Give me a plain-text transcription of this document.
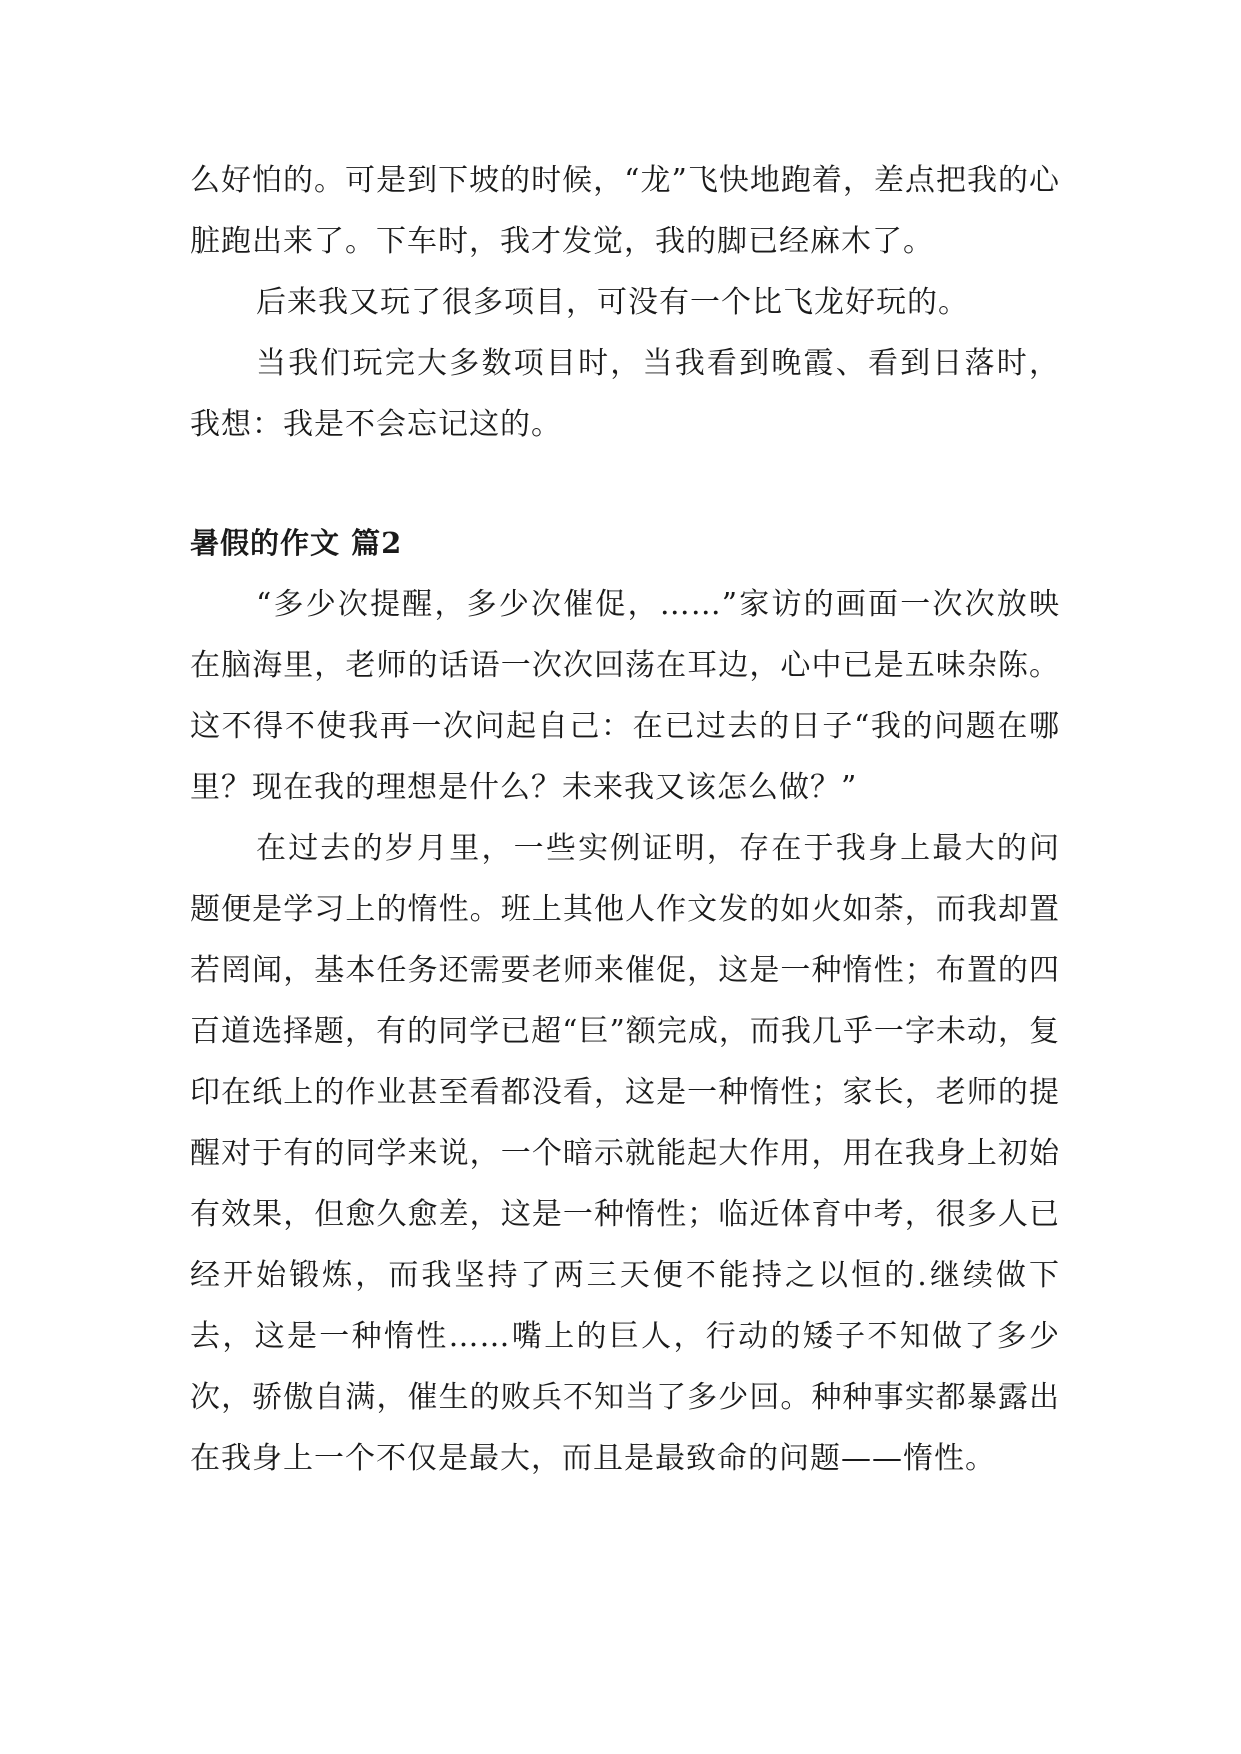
么好怕的。可是到下坡的时候，“龙”飞快地跑着，差点把我的心脏跑出来了。下车时，我才发觉，我的脚已经麻木了。

后来我又玩了很多项目，可没有一个比飞龙好玩的。

当我们玩完大多数项目时，当我看到晚霞、看到日落时，我想：我是不会忘记这的。

暑假的作文 篇2

“多少次提醒，多少次催促，……”家访的画面一次次放映在脑海里，老师的话语一次次回荡在耳边，心中已是五味杂陈。这不得不使我再一次问起自己：在已过去的日子“我的问题在哪里？现在我的理想是什么？未来我又该怎么做？”

在过去的岁月里，一些实例证明，存在于我身上最大的问题便是学习上的惰性。班上其他人作文发的如火如荼，而我却置若罔闻，基本任务还需要老师来催促，这是一种惰性；布置的四百道选择题，有的同学已超“巨”额完成，而我几乎一字未动，复印在纸上的作业甚至看都没看，这是一种惰性；家长，老师的提醒对于有的同学来说，一个暗示就能起大作用，用在我身上初始有效果，但愈久愈差，这是一种惰性；临近体育中考，很多人已经开始锻炼，而我坚持了两三天便不能持之以恒的.继续做下去，这是一种惰性……嘴上的巨人，行动的矮子不知做了多少次，骄傲自满，催生的败兵不知当了多少回。种种事实都暴露出在我身上一个不仅是最大，而且是最致命的问题——惰性。
